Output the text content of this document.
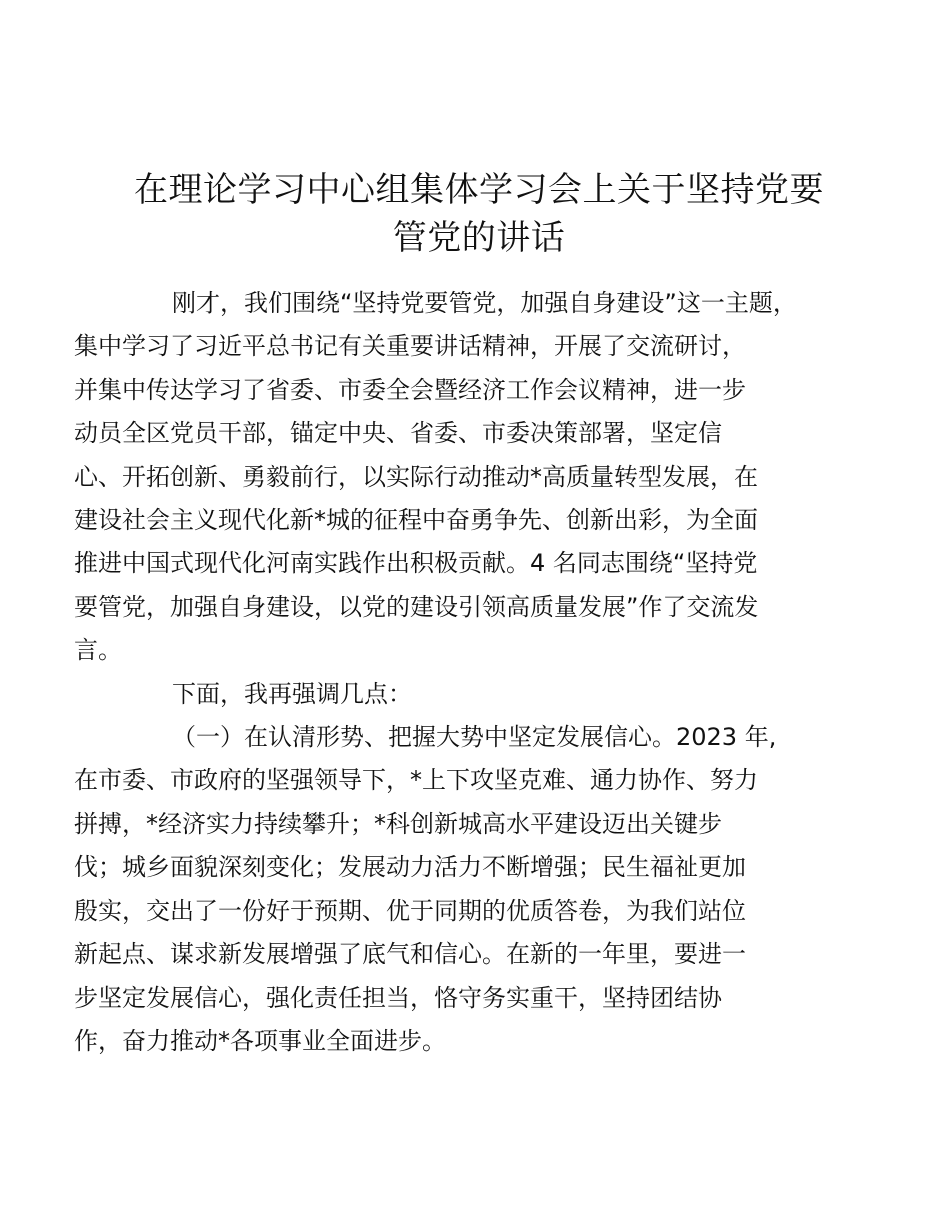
在理论学习中心组集体学习会上关于坚持党要
管党的讲话

刚才，我们围绕“坚持党要管党，加强自身建设”这一主题，
集中学习了习近平总书记有关重要讲话精神，开展了交流研讨，
并集中传达学习了省委、市委全会暨经济工作会议精神，进一步
动员全区党员干部，锚定中央、省委、市委决策部署，坚定信
心、开拓创新、勇毅前行，以实际行动推动*高质量转型发展，在
建设社会主义现代化新*城的征程中奋勇争先、创新出彩，为全面
推进中国式现代化河南实践作出积极贡献。4 名同志围绕“坚持党
要管党，加强自身建设，以党的建设引领高质量发展”作了交流发
言。

下面，我再强调几点：

（一）在认清形势、把握大势中坚定发展信心。2023 年,
在市委、市政府的坚强领导下，*上下攻坚克难、通力协作、努力
拼搏，*经济实力持续攀升；*科创新城高水平建设迈出关键步
伐；城乡面貌深刻变化；发展动力活力不断增强；民生福祉更加
殷实，交出了一份好于预期、优于同期的优质答卷，为我们站位
新起点、谋求新发展增强了底气和信心。在新的一年里，要进一
步坚定发展信心，强化责任担当，恪守务实重干，坚持团结协
作，奋力推动*各项事业全面进步。
